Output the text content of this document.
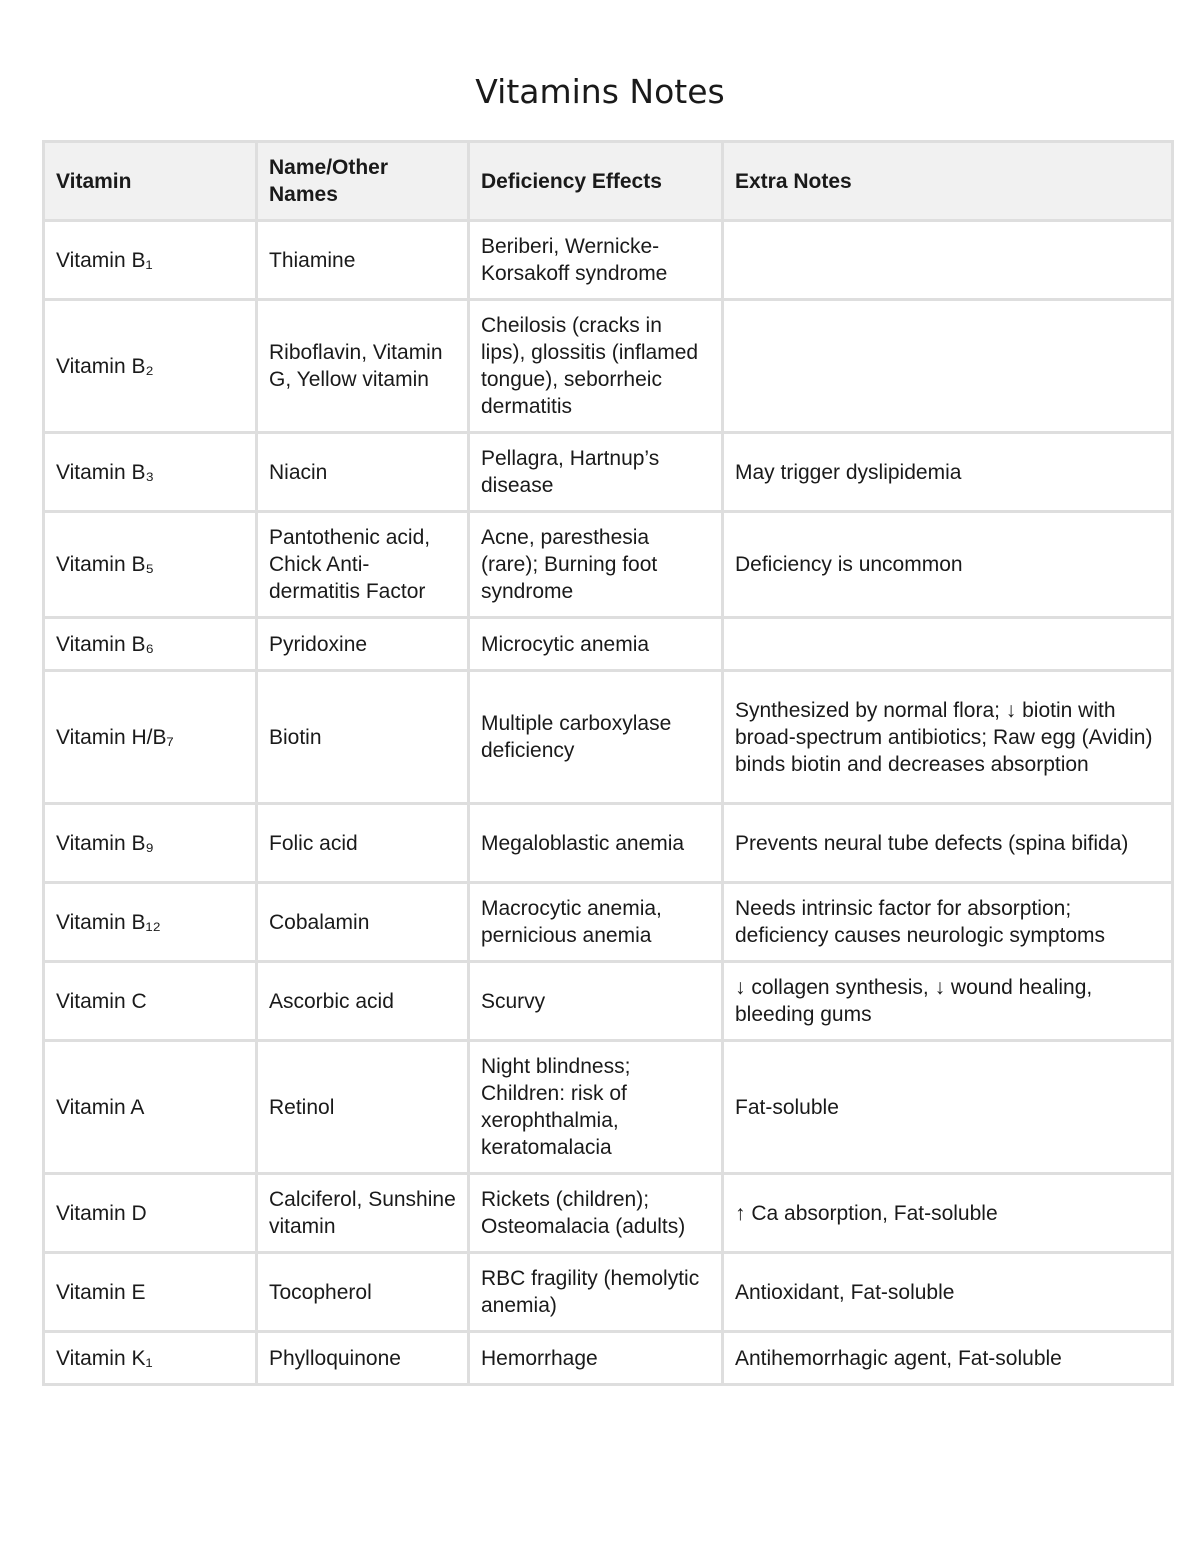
Vitamins Notes
Vitamin	Name/Other Names	Deficiency Effects	Extra Notes
Vitamin B₁	Thiamine	Beriberi, Wernicke-Korsakoff syndrome	
Vitamin B₂	Riboflavin, Vitamin G, Yellow vitamin	Cheilosis (cracks in lips), glossitis (inflamed tongue), seborrheic dermatitis	
Vitamin B₃	Niacin	Pellagra, Hartnup’s disease	May trigger dyslipidemia
Vitamin B₅	Pantothenic acid, Chick Anti-dermatitis Factor	Acne, paresthesia (rare); Burning foot syndrome	Deficiency is uncommon
Vitamin B₆	Pyridoxine	Microcytic anemia	
Vitamin H/B₇	Biotin	Multiple carboxylase deficiency	Synthesized by normal flora; ↓ biotin with broad-spectrum antibiotics; Raw egg (Avidin) binds biotin and decreases absorption
Vitamin B₉	Folic acid	Megaloblastic anemia	Prevents neural tube defects (spina bifida)
Vitamin B₁₂	Cobalamin	Macrocytic anemia, pernicious anemia	Needs intrinsic factor for absorption; deficiency causes neurologic symptoms
Vitamin C	Ascorbic acid	Scurvy	↓ collagen synthesis, ↓ wound healing, bleeding gums
Vitamin A	Retinol	Night blindness; Children: risk of xerophthalmia, keratomalacia	Fat-soluble
Vitamin D	Calciferol, Sunshine vitamin	Rickets (children); Osteomalacia (adults)	↑ Ca absorption, Fat-soluble
Vitamin E	Tocopherol	RBC fragility (hemolytic anemia)	Antioxidant, Fat-soluble
Vitamin K₁	Phylloquinone	Hemorrhage	Antihemorrhagic agent, Fat-soluble
